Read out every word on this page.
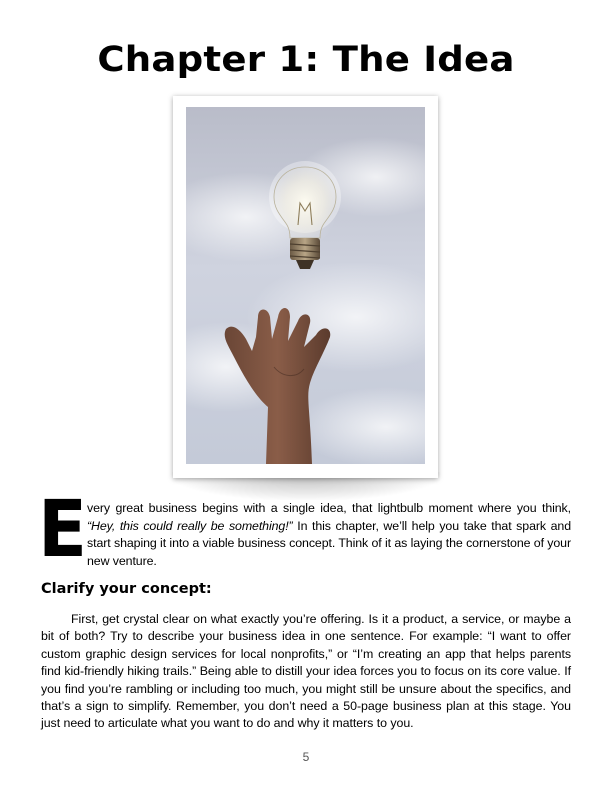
Chapter 1: The Idea
E very great business begins with a single idea, that lightbulb moment where you think, “Hey, this could really be something!” In this chapter, we’ll help you take that spark and start shaping it into a viable business concept. Think of it as laying the cornerstone of your new venture.
Clarify your concept:
First, get crystal clear on what exactly you’re offering. Is it a product, a service, or maybe a bit of both? Try to describe your business idea in one sentence. For example: “I want to offer custom graphic design services for local nonprofits,” or “I’m creating an app that helps parents find kid-friendly hiking trails.” Being able to distill your idea forces you to focus on its core value. If you find you’re rambling or including too much, you might still be unsure about the specifics, and that’s a sign to simplify. Remember, you don’t need a 50-page business plan at this stage. You just need to articulate what you want to do and why it matters to you.
5
